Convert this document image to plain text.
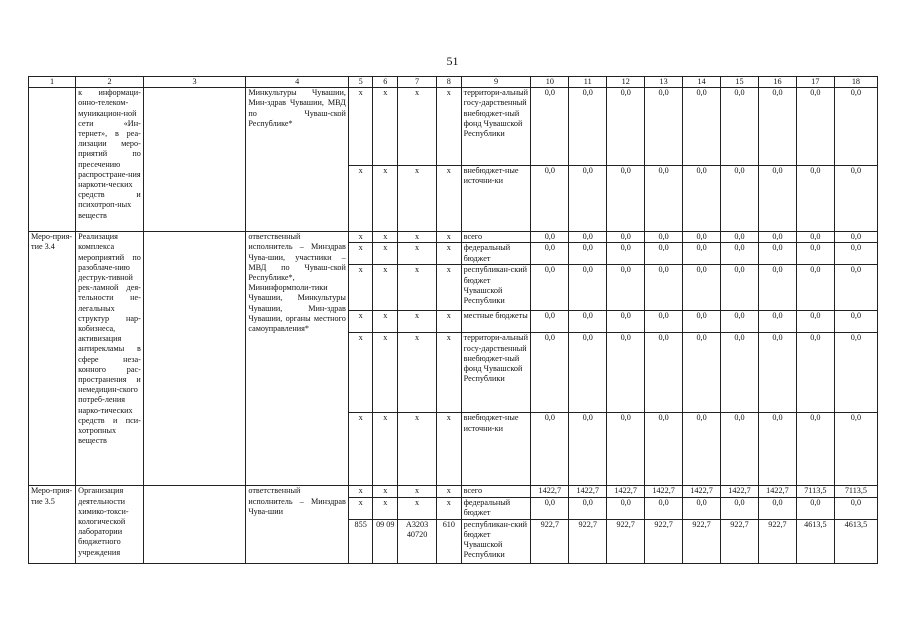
51
1	2	3	4	5	6	7	8	9	10	11	12	13	14	15	16	17	18
	к информаци-онно-телеком-муникацион-ной сети «Ин-тернет», в реа-лизации меро-приятий по пресечению распростране-ния наркоти-ческих средств и психотроп-ных веществ		Минкультуры Чувашии, Мин-здрав Чувашии, МВД по Чуваш-ской Республике*	х	х	х	х	территори-альный госу-дарственный внебюджет-ный фонд Чувашской Республики	0,0	0,0	0,0	0,0	0,0	0,0	0,0	0,0	0,0
				х	х	х	х	внебюджет-ные источни-ки	0,0	0,0	0,0	0,0	0,0	0,0	0,0	0,0	0,0
Меро-прия-тие 3.4	Реализация комплекса мероприятий по разоблаче-нию деструк-тивной рек-ламной дея-тельности не-легальных структур нар-кобизнеса, активизация антирекламы в сфере неза-конного рас-пространения и немедицин-ского потреб-ления нарко-тических средств и пси-хотропных веществ		ответственный исполнитель – Минздрав Чува-шии, участники – МВД по Чуваш-ской Республике*, Мининформполи-тики Чувашии, Минкультуры Чувашии, Мин-здрав Чувашии, органы местного самоуправления*	х	х	х	х	всего	0,0	0,0	0,0	0,0	0,0	0,0	0,0	0,0	0,0
				х	х	х	х	федеральный бюджет	0,0	0,0	0,0	0,0	0,0	0,0	0,0	0,0	0,0
				х	х	х	х	республикан-ский бюджет Чувашской Республики	0,0	0,0	0,0	0,0	0,0	0,0	0,0	0,0	0,0
				х	х	х	х	местные бюджеты	0,0	0,0	0,0	0,0	0,0	0,0	0,0	0,0	0,0
				х	х	х	х	территори-альный госу-дарственный внебюджет-ный фонд Чувашской Республики	0,0	0,0	0,0	0,0	0,0	0,0	0,0	0,0	0,0
				х	х	х	х	внебюджет-ные источни-ки	0,0	0,0	0,0	0,0	0,0	0,0	0,0	0,0	0,0
Меро-прия-тие 3.5	Организация деятельности химико-токси-кологической лаборатории бюджетного учреждения		ответственный исполнитель – Минздрав Чува-шии	х	х	х	х	всего	1422,7	1422,7	1422,7	1422,7	1422,7	1422,7	1422,7	7113,5	7113,5
				х	х	х	х	федеральный бюджет	0,0	0,0	0,0	0,0	0,0	0,0	0,0	0,0	0,0
				855	09 09	А3203 40720	610	республикан-ский бюджет Чувашской Республики	922,7	922,7	922,7	922,7	922,7	922,7	922,7	4613,5	4613,5
